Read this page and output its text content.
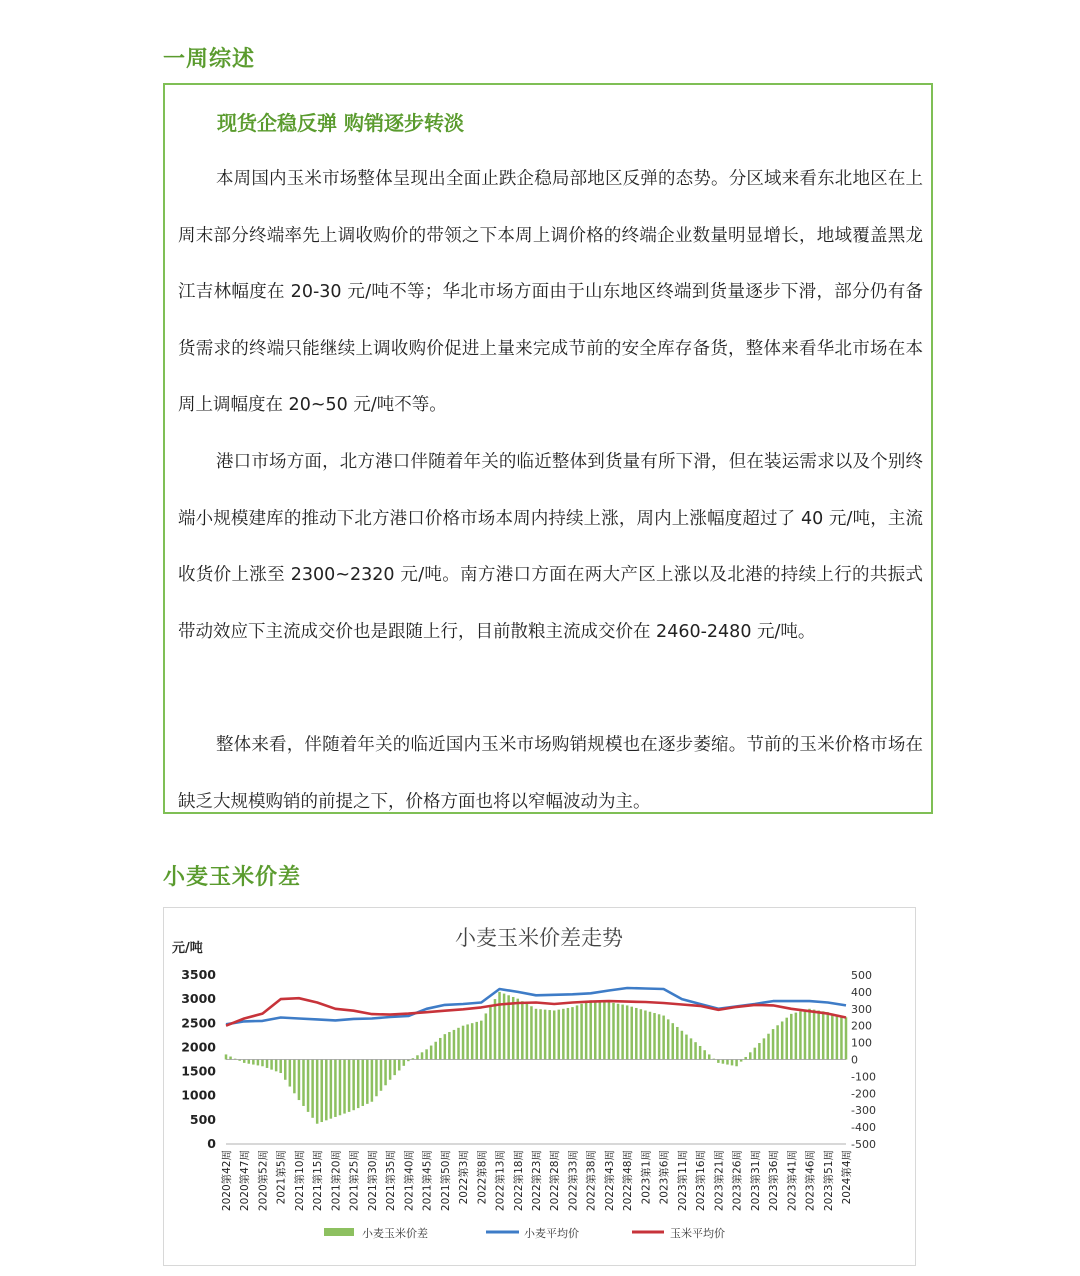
一周综述
现货企稳反弹 购销逐步转淡

本周国内玉米市场整体呈现出全面止跌企稳局部地区反弹的态势。分区域来看东北地区在上周末部分终端率先上调收购价的带领之下本周上调价格的终端企业数量明显增长，地域覆盖黑龙江吉林幅度在 20-30 元/吨不等；华北市场方面由于山东地区终端到货量逐步下滑，部分仍有备货需求的终端只能继续上调收购价促进上量来完成节前的安全库存备货，整体来看华北市场在本周上调幅度在 20~50 元/吨不等。

港口市场方面，北方港口伴随着年关的临近整体到货量有所下滑，但在装运需求以及个别终端小规模建库的推动下北方港口价格市场本周内持续上涨，周内上涨幅度超过了 40 元/吨，主流收货价上涨至 2300~2320 元/吨。南方港口方面在两大产区上涨以及北港的持续上行的共振式带动效应下主流成交价也是跟随上行，目前散粮主流成交价在 2460-2480 元/吨。

整体来看，伴随着年关的临近国内玉米市场购销规模也在逐步萎缩。节前的玉米价格市场在缺乏大规模购销的前提之下，价格方面也将以窄幅波动为主。

小麦玉米价差
小麦玉米价差走势
元/吨
3500
3000
2500
2000
1500
1000
500
0
500
400
300
200
100
0
-100
-200
-300
-400
-500
2020第42周 2020第47周 2020第52周 2021第5周 2021第10周 2021第15周 2021第20周 2021第25周 2021第30周 2021第35周 2021第40周 2021第45周 2021第50周 2022第3周 2022第8周 2022第13周 2022第18周 2022第23周 2022第28周 2022第33周 2022第38周 2022第43周 2022第48周 2023第1周 2023第6周 2023第11周 2023第16周 2023第21周 2023第26周 2023第31周 2023第36周 2023第41周 2023第46周 2023第51周 2024第4周
小麦玉米价差	小麦平均价	玉米平均价
